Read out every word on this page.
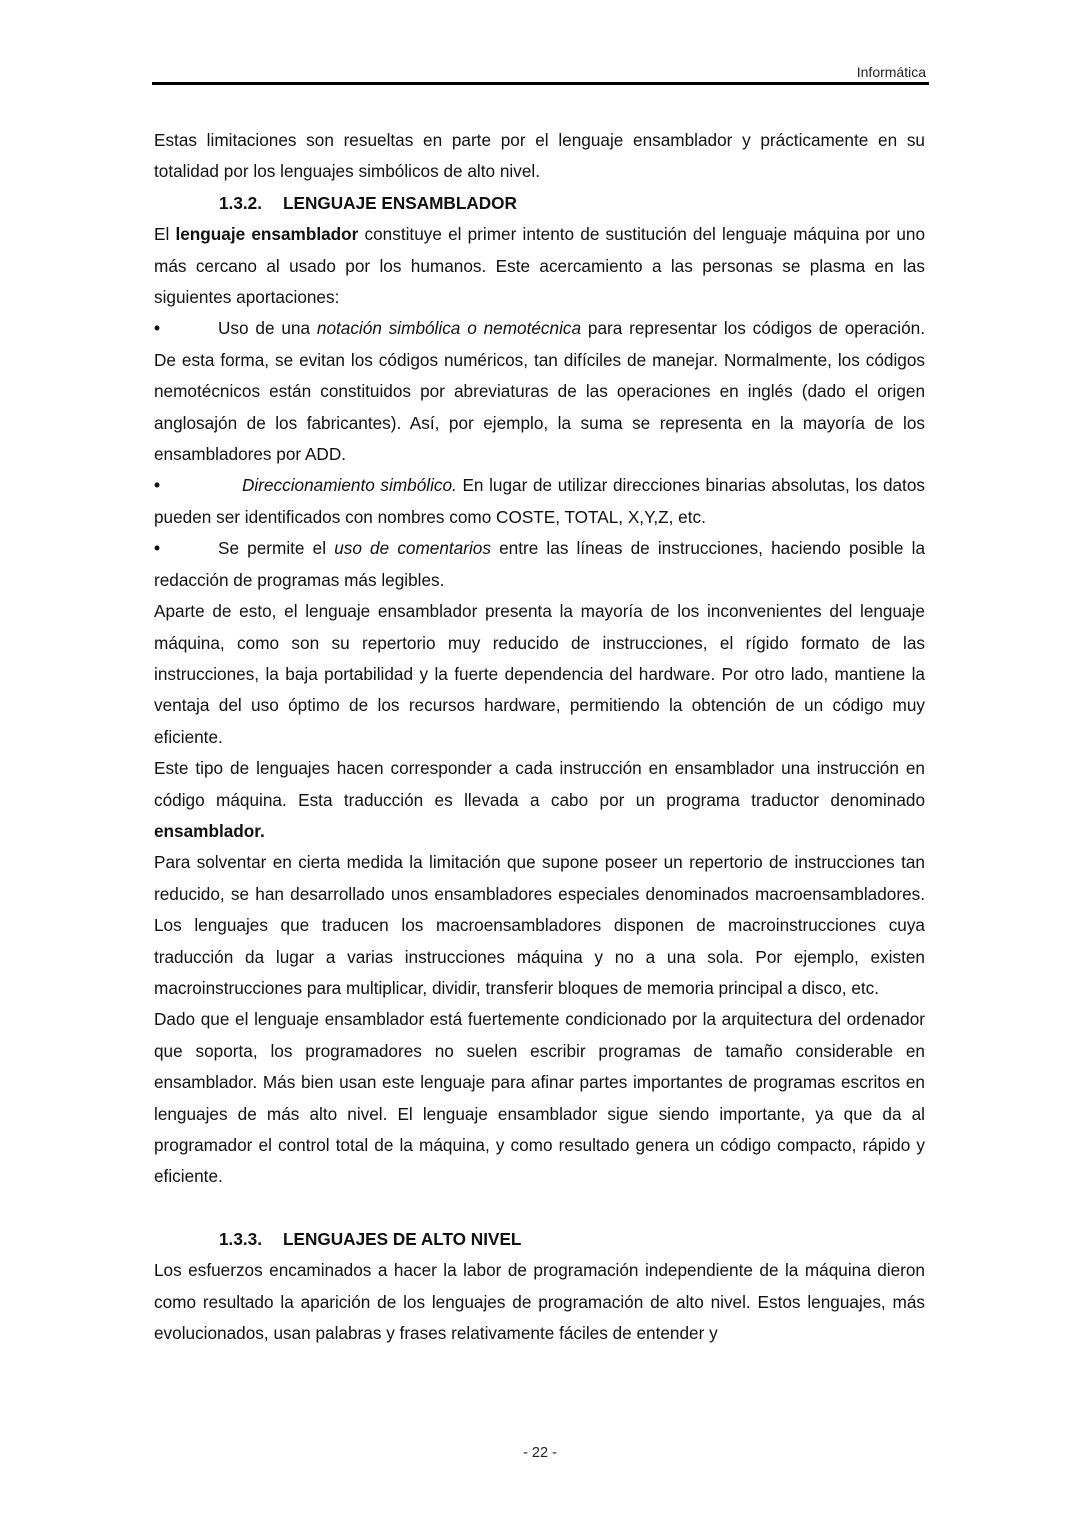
Informática

Estas limitaciones son resueltas en parte por el lenguaje ensamblador y prácticamente en su totalidad por los lenguajes simbólicos de alto nivel.

1.3.2. LENGUAJE ENSAMBLADOR

El lenguaje ensamblador constituye el primer intento de sustitución del lenguaje máquina por uno más cercano al usado por los humanos. Este acercamiento a las personas se plasma en las siguientes aportaciones:

•	Uso de una notación simbólica o nemotécnica para representar los códigos de operación. De esta forma, se evitan los códigos numéricos, tan difíciles de manejar. Normalmente, los códigos nemotécnicos están constituidos por abreviaturas de las operaciones en inglés (dado el origen anglosajón de los fabricantes). Así, por ejemplo, la suma se representa en la mayoría de los ensambladores por ADD.

•	Direccionamiento simbólico. En lugar de utilizar direcciones binarias absolutas, los datos pueden ser identificados con nombres como COSTE, TOTAL, X,Y,Z, etc.

•	Se permite el uso de comentarios entre las líneas de instrucciones, haciendo posible la redacción de programas más legibles.

Aparte de esto, el lenguaje ensamblador presenta la mayoría de los inconvenientes del lenguaje máquina, como son su repertorio muy reducido de instrucciones, el rígido formato de las instrucciones, la baja portabilidad y la fuerte dependencia del hardware. Por otro lado, mantiene la ventaja del uso óptimo de los recursos hardware, permitiendo la obtención de un código muy eficiente.

Este tipo de lenguajes hacen corresponder a cada instrucción en ensamblador una instrucción en código máquina. Esta traducción es llevada a cabo por un programa traductor denominado ensamblador.

Para solventar en cierta medida la limitación que supone poseer un repertorio de instrucciones tan reducido, se han desarrollado unos ensambladores especiales denominados macroensambladores. Los lenguajes que traducen los macroensambladores disponen de macroinstrucciones cuya traducción da lugar a varias instrucciones máquina y no a una sola. Por ejemplo, existen macroinstrucciones para multiplicar, dividir, transferir bloques de memoria principal a disco, etc.

Dado que el lenguaje ensamblador está fuertemente condicionado por la arquitectura del ordenador que soporta, los programadores no suelen escribir programas de tamaño considerable en ensamblador. Más bien usan este lenguaje para afinar partes importantes de programas escritos en lenguajes de más alto nivel. El lenguaje ensamblador sigue siendo importante, ya que da al programador el control total de la máquina, y como resultado genera un código compacto, rápido y eficiente.

1.3.3. LENGUAJES DE ALTO NIVEL

Los esfuerzos encaminados a hacer la labor de programación independiente de la máquina dieron como resultado la aparición de los lenguajes de programación de alto nivel. Estos lenguajes, más evolucionados, usan palabras y frases relativamente fáciles de entender y

- 22 -
